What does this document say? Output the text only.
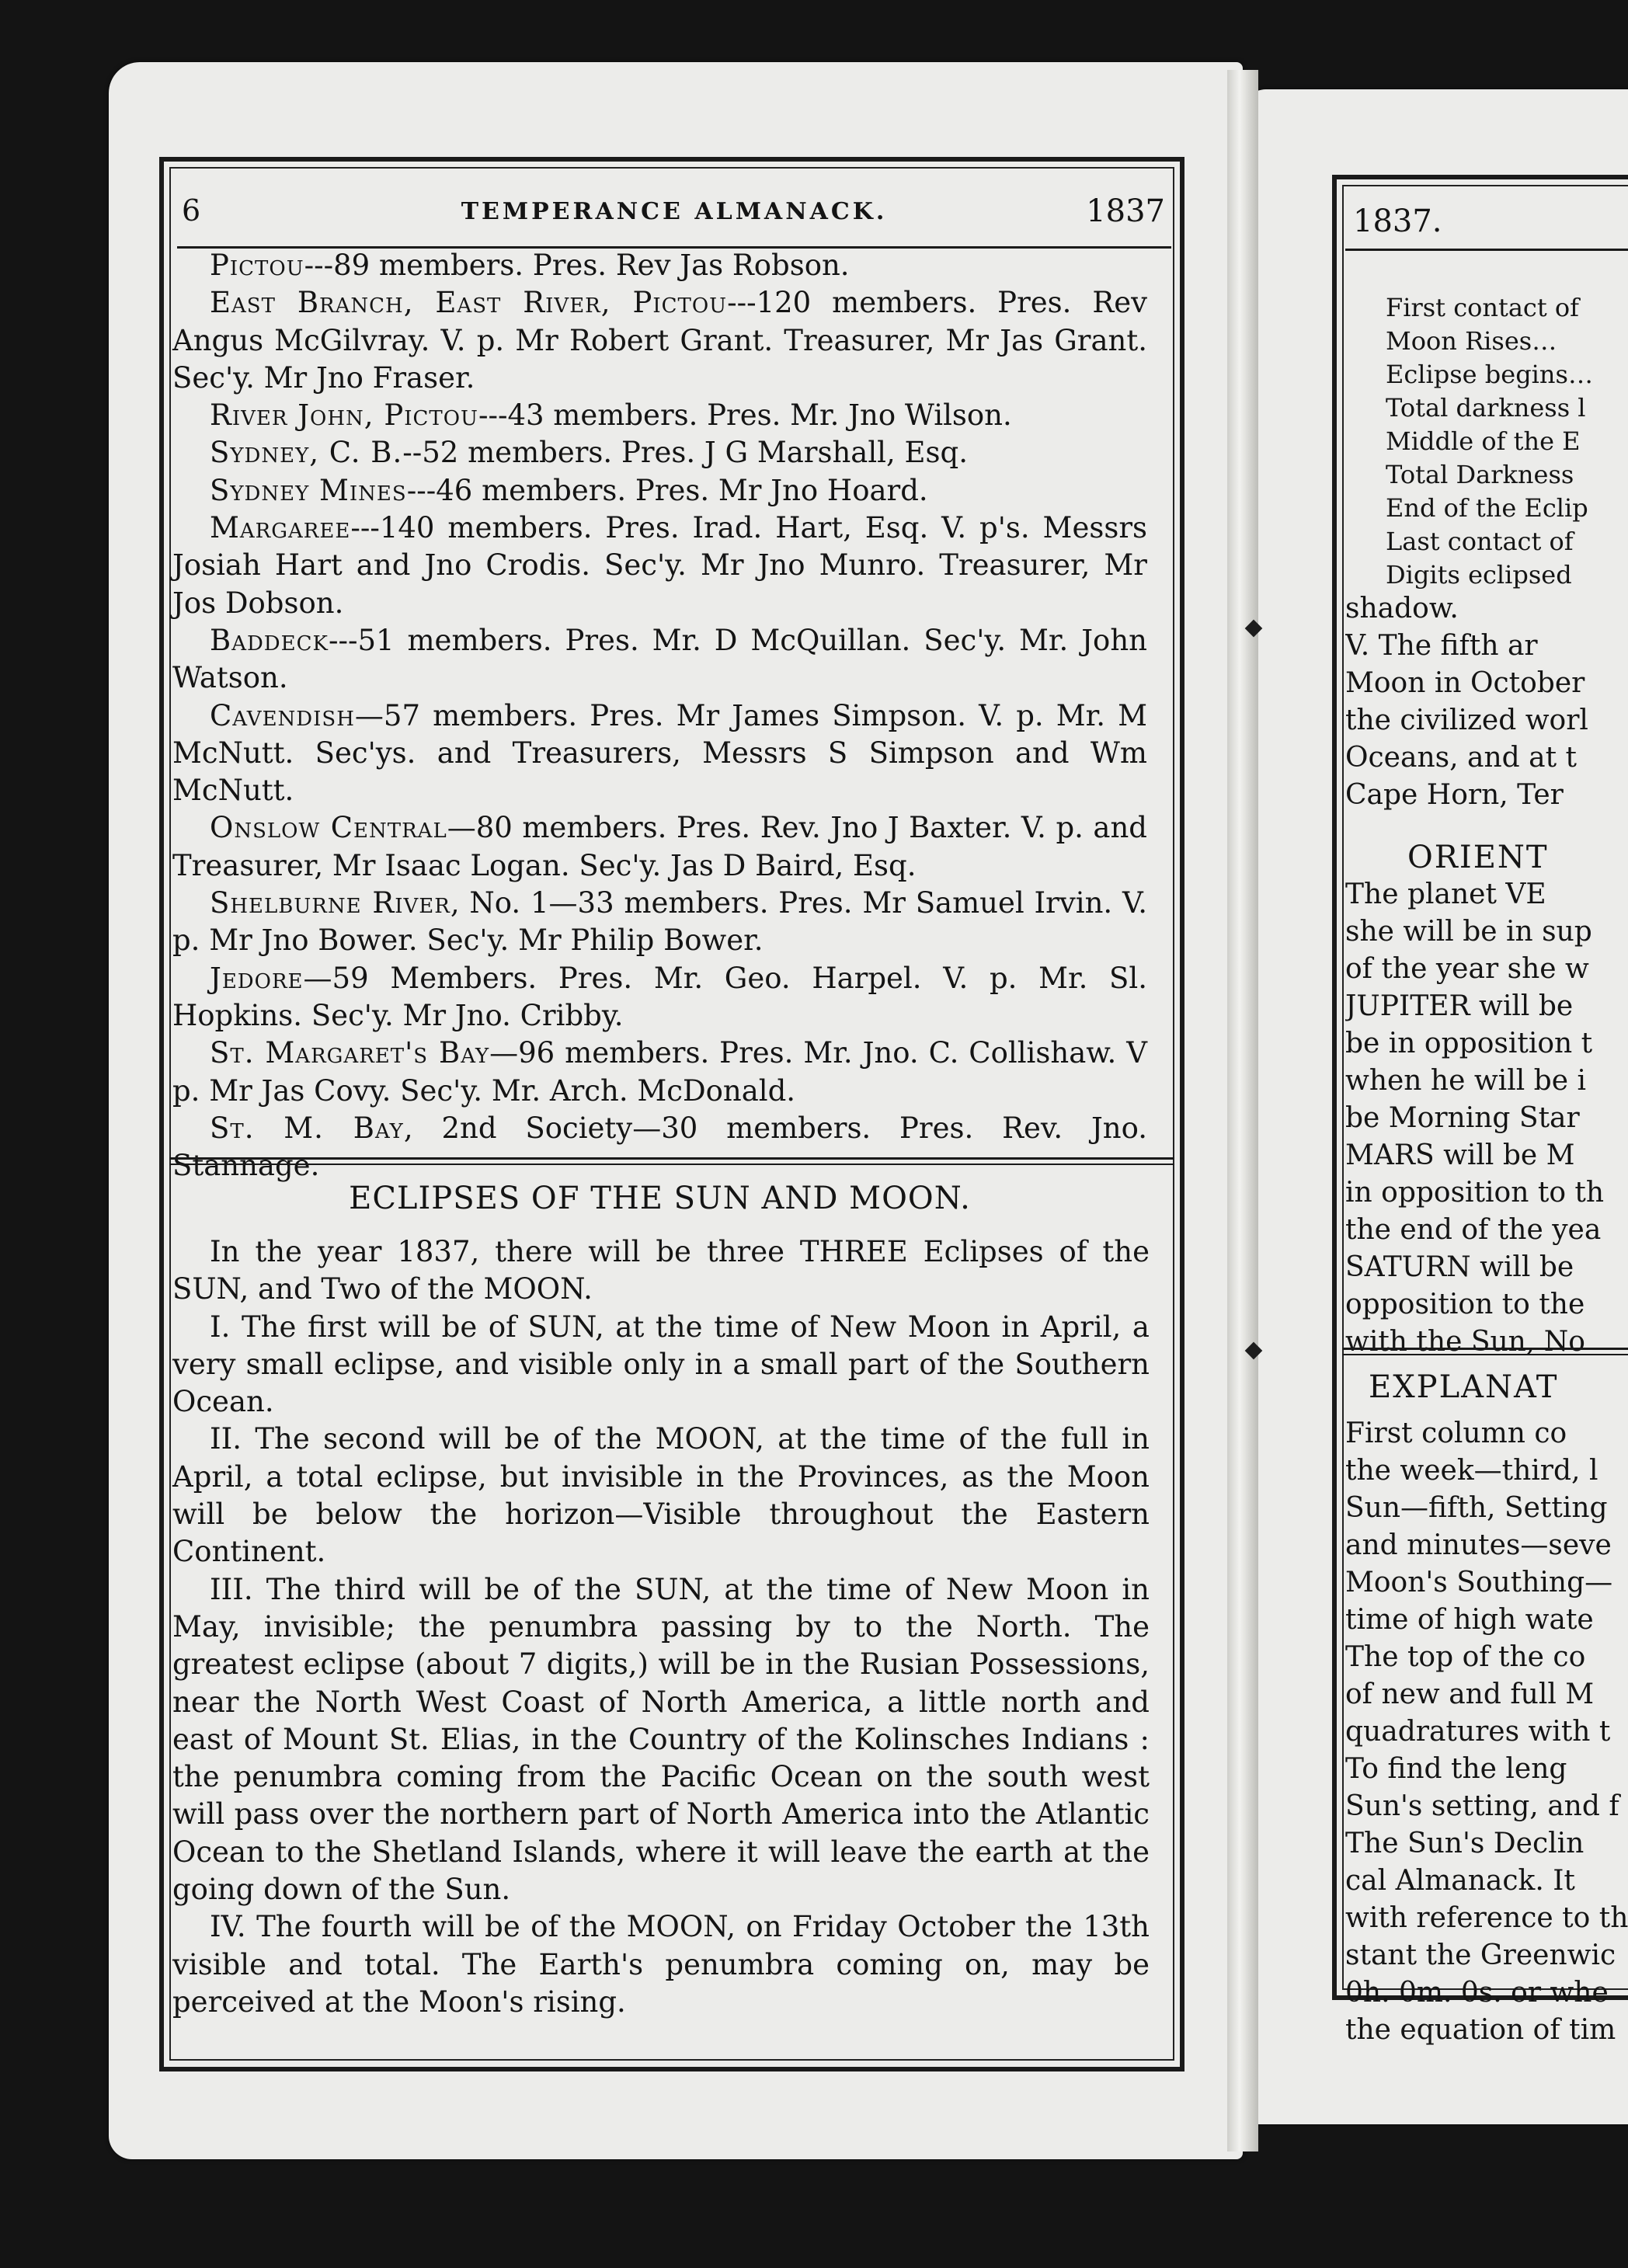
6	TEMPERANCE ALMANACK.	1837

Pictou---89 members. Pres. Rev Jas Robson.

East Branch, East River, Pictou---120 members. Pres. Rev Angus McGilvray. V. p. Mr Robert Grant. Treasurer, Mr Jas Grant. Sec'y. Mr Jno Fraser.

River John, Pictou---43 members. Pres. Mr. Jno Wilson.

Sydney, C. B.--52 members. Pres. J G Marshall, Esq.

Sydney Mines---46 members. Pres. Mr Jno Hoard.

Margaree---140 members. Pres. Irad. Hart, Esq. V. p's. Messrs Josiah Hart and Jno Crodis. Sec'y. Mr Jno Munro. Treasurer, Mr Jos Dobson.

Baddeck---51 members. Pres. Mr. D McQuillan. Sec'y. Mr. John Watson.

Cavendish—57 members. Pres. Mr James Simpson. V. p. Mr. M McNutt. Sec'ys. and Treasurers, Messrs S Simpson and Wm McNutt.

Onslow Central—80 members. Pres. Rev. Jno J Baxter. V. p. and Treasurer, Mr Isaac Logan. Sec'y. Jas D Baird, Esq.

Shelburne River, No. 1—33 members. Pres. Mr Samuel Irvin. V. p. Mr Jno Bower. Sec'y. Mr Philip Bower.

Jedore—59 Members. Pres. Mr. Geo. Harpel. V. p. Mr. Sl. Hopkins. Sec'y. Mr Jno. Cribby.

St. Margaret's Bay—96 members. Pres. Mr. Jno. C. Collishaw. V p. Mr Jas Covy. Sec'y. Mr. Arch. McDonald.

St. M. Bay, 2nd Society—30 members. Pres. Rev. Jno. Stannage.

ECLIPSES OF THE SUN AND MOON.

In the year 1837, there will be three THREE Eclipses of the SUN, and Two of the MOON.

I. The first will be of SUN, at the time of New Moon in April, a very small eclipse, and visible only in a small part of the Southern Ocean.

II. The second will be of the MOON, at the time of the full in April, a total eclipse, but invisible in the Provinces, as the Moon will be below the horizon—Visible throughout the Eastern Continent.

III. The third will be of the SUN, at the time of New Moon in May, invisible; the penumbra passing by to the North. The greatest eclipse (about 7 digits,) will be in the Rusian Possessions, near the North West Coast of North America, a little north and east of Mount St. Elias, in the Country of the Kolinsches Indians : the penumbra coming from the Pacific Ocean on the south west will pass over the northern part of North America into the Atlantic Ocean to the Shetland Islands, where it will leave the earth at the going down of the Sun.

IV. The fourth will be of the MOON, on Friday October the 13th visible and total. The Earth's penumbra coming on, may be perceived at the Moon's rising.

1837.
First contact of
Moon Rises…
Eclipse begins…
Total darkness l
Middle of the E
Total Darkness
End of the Eclip
Last contact of
Digits eclipsed
shadow.
V. The fifth ar
Moon in October
the civilized worl
Oceans, and at t
Cape Horn, Ter
ORIENT
The planet VE
she will be in sup
of the year she w
JUPITER will be
be in opposition t
when he will be i
be Morning Star
MARS will be M
in opposition to th
the end of the yea
SATURN will be
opposition to the
with the Sun, No
EXPLANAT
First column co
the week—third, l
Sun—fifth, Setting
and minutes—seve
Moon's Southing—
time of high wate
The top of the co
of new and full M
quadratures with t
To find the leng
Sun's setting, and f
The Sun's Declin
cal Almanack. It
with reference to th
stant the Greenwic
0h. 0m. 0s. or whe
the equation of tim
